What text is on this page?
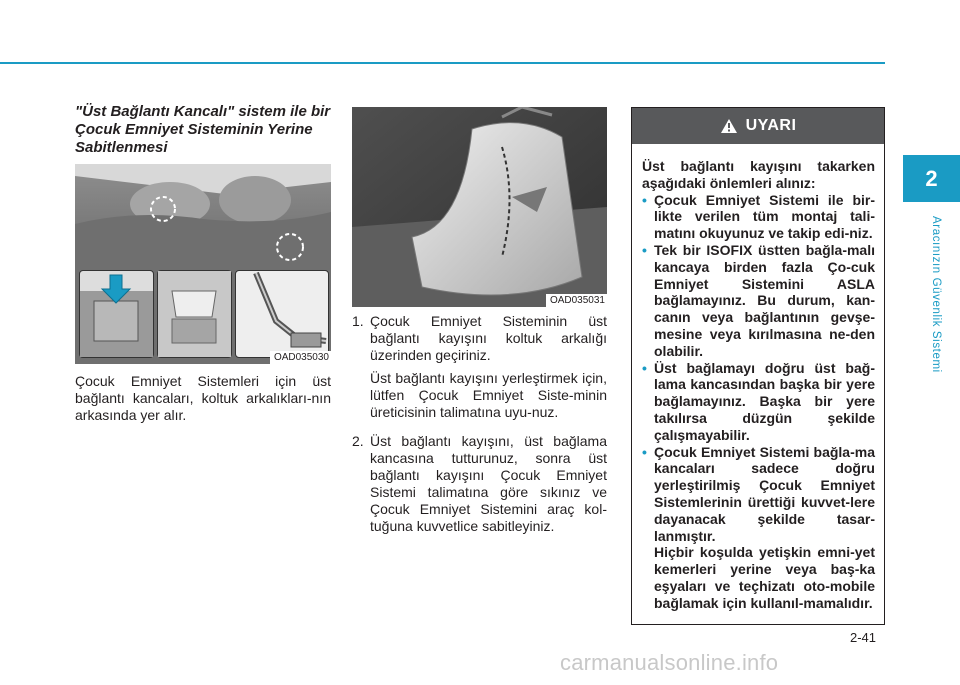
2
Aracınızın Güvenlik Sistemi
"Üst Bağlantı Kancalı" sistem ile bir Çocuk Emniyet Sisteminin Yerine Sabitlenmesi
OAD035030

Çocuk Emniyet Sistemleri için üst bağlantı kancaları, koltuk arkalıkları-nın arkasında yer alır.

OAD035031
1. Çocuk Emniyet Sisteminin üst bağlantı kayışını koltuk arkalığı üzerinden geçiriniz.

Üst bağlantı kayışını yerleştirmek için, lütfen Çocuk Emniyet Siste-minin üreticisinin talimatına uyu-nuz.

2. Üst bağlantı kayışını, üst bağlama kancasına tutturunuz, sonra üst bağlantı kayışını Çocuk Emniyet Sistemi talimatına göre sıkınız ve Çocuk Emniyet Sistemini araç kol-tuğuna kuvvetlice sabitleyiniz.

UYARI

Üst bağlantı kayışını takarken aşağıdaki önlemleri alınız:

• Çocuk Emniyet Sistemi ile bir-likte verilen tüm montaj tali-matını okuyunuz ve takip edi-niz.
• Tek bir ISOFIX üstten bağla-malı kancaya birden fazla Ço-cuk Emniyet Sistemini ASLA bağlamayınız. Bu durum, kan-canın veya bağlantının gevşe-mesine veya kırılmasına ne-den olabilir.
• Üst bağlamayı doğru üst bağ-lama kancasından başka bir yere bağlamayınız. Başka bir yere takılırsa düzgün şekilde çalışmayabilir.
• Çocuk Emniyet Sistemi bağla-ma kancaları sadece doğru yerleştirilmiş Çocuk Emniyet Sistemlerinin ürettiği kuvvet-lere dayanacak şekilde tasar-lanmıştır.
Hiçbir koşulda yetişkin emni-yet kemerleri yerine veya baş-ka eşyaları ve teçhizatı oto-mobile bağlamak için kullanıl-mamalıdır.
2-41
carmanualsonline.info
